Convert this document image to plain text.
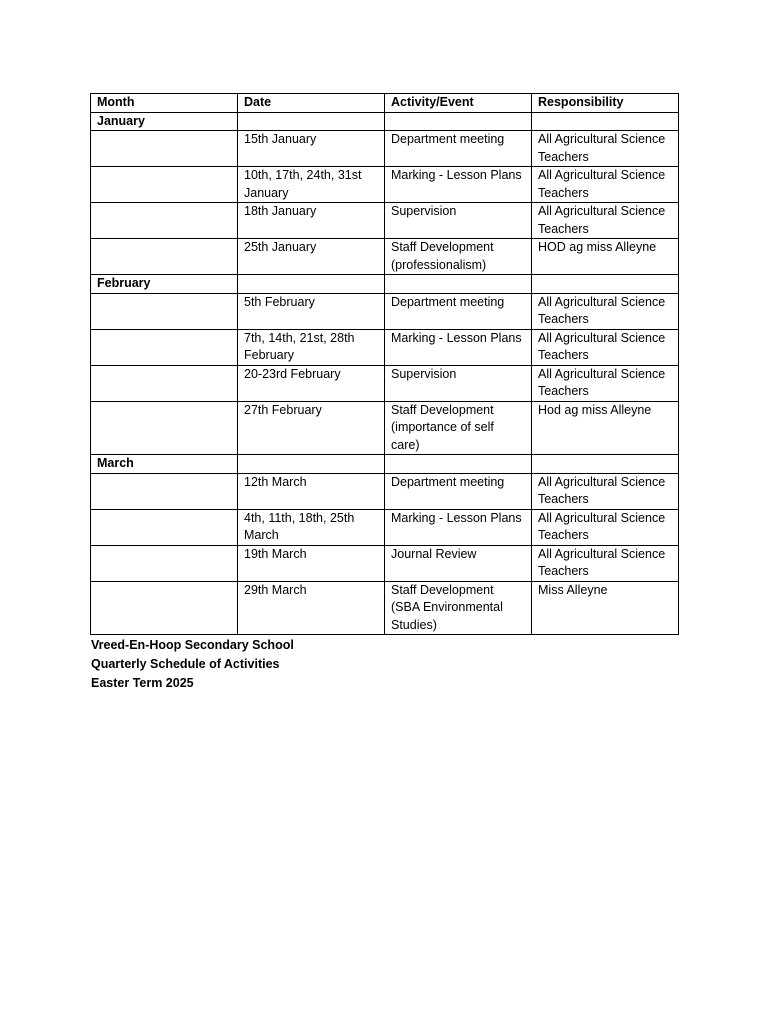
Month	Date	Activity/Event	Responsibility
January			
	15th January	Department meeting	All Agricultural Science Teachers
	10th, 17th, 24th, 31st January	Marking - Lesson Plans	All Agricultural Science Teachers
	18th January	Supervision	All Agricultural Science Teachers
	25th January	Staff Development (professionalism)	HOD ag miss Alleyne
February			
	5th February	Department meeting	All Agricultural Science Teachers
	7th, 14th, 21st, 28th February	Marking - Lesson Plans	All Agricultural Science Teachers
	20-23rd February	Supervision	All Agricultural Science Teachers
	27th February	Staff Development (importance of self care)	Hod ag miss Alleyne
March			
	12th March	Department meeting	All Agricultural Science Teachers
	4th, 11th, 18th, 25th March	Marking - Lesson Plans	All Agricultural Science Teachers
	19th March	Journal Review	All Agricultural Science Teachers
	29th March	Staff Development (SBA Environmental Studies)	Miss Alleyne
Vreed-En-Hoop Secondary School
Quarterly Schedule of Activities
Easter Term 2025
